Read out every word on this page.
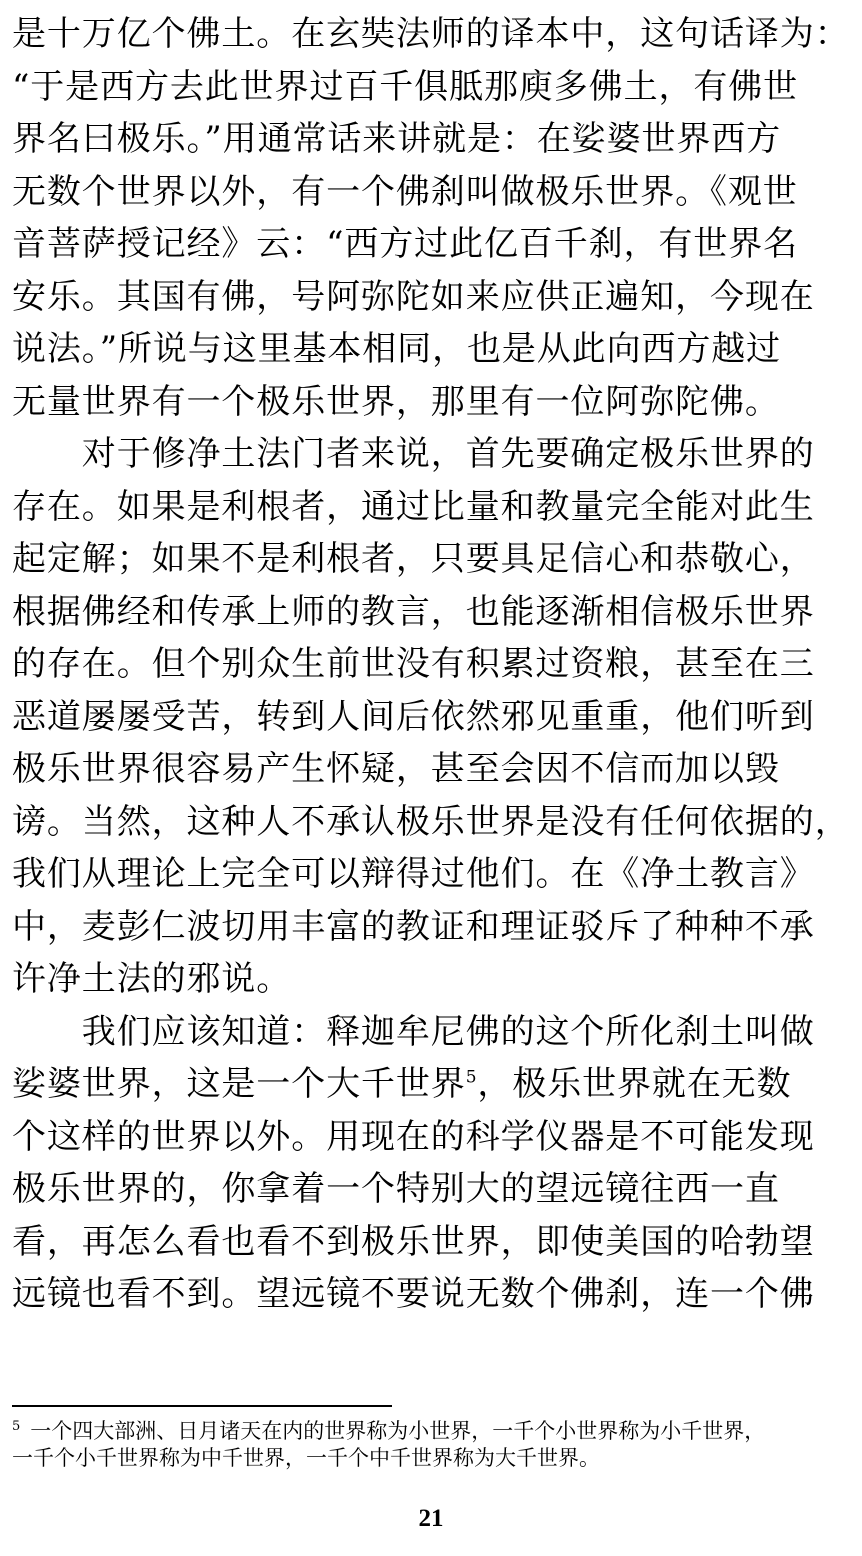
是十万亿个佛土。在玄奘法师的译本中，这句话译为：
“于是西方去此世界过百千俱胝那庾多佛土，有佛世
界名曰极乐。”用通常话来讲就是：在娑婆世界西方
无数个世界以外，有一个佛刹叫做极乐世界。《观世
音菩萨授记经》云：“西方过此亿百千刹，有世界名
安乐。其国有佛，号阿弥陀如来应供正遍知，今现在
说法。”所说与这里基本相同，也是从此向西方越过
无量世界有一个极乐世界，那里有一位阿弥陀佛。
　　对于修净土法门者来说，首先要确定极乐世界的
存在。如果是利根者，通过比量和教量完全能对此生
起定解；如果不是利根者，只要具足信心和恭敬心，
根据佛经和传承上师的教言，也能逐渐相信极乐世界
的存在。但个别众生前世没有积累过资粮，甚至在三
恶道屡屡受苦，转到人间后依然邪见重重，他们听到
极乐世界很容易产生怀疑，甚至会因不信而加以毁
谤。当然，这种人不承认极乐世界是没有任何依据的，
我们从理论上完全可以辩得过他们。在《净土教言》
中，麦彭仁波切用丰富的教证和理证驳斥了种种不承
许净土法的邪说。
　　我们应该知道：释迦牟尼佛的这个所化刹土叫做
娑婆世界，这是一个大千世界$^5$，极乐世界就在无数
个这样的世界以外。用现在的科学仪器是不可能发现
极乐世界的，你拿着一个特别大的望远镜往西一直
看，再怎么看也看不到极乐世界，即使美国的哈勃望
远镜也看不到。望远镜不要说无数个佛刹，连一个佛
$^5$ 一个四大部洲、日月诸天在内的世界称为小世界，一千个小世界称为小千世界，
一千个小千世界称为中千世界，一千个中千世界称为大千世界。
21
